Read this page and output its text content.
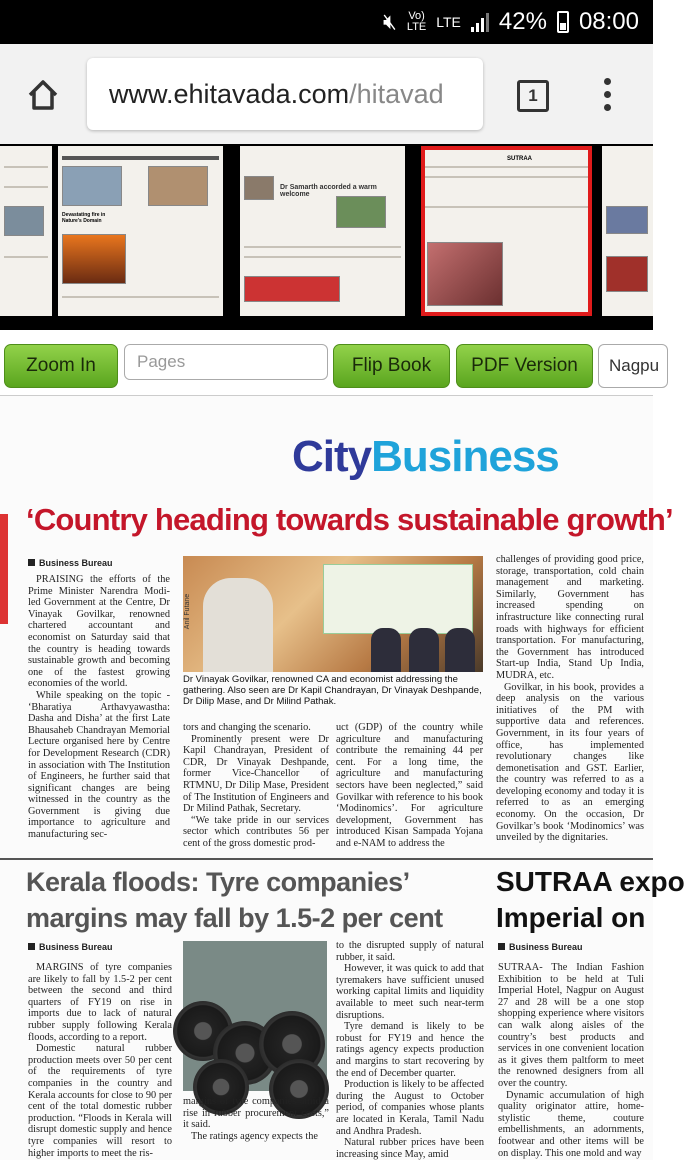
🔇︎ Vo)
LTE LTE 42% 08:00
www.ehitavada.com /hitavad	1
Devastating fire in Nature's Domain
Dr Samarth accorded a warm welcome
SUTRAA
Zoom In	Pages	Flip Book	PDF Version	Nagpu
CityBusiness
‘Country heading towards sustainable growth’
Business Bureau

PRAISING the efforts of the Prime Minister Narendra Modi-led Government at the Centre, Dr Vinayak Govilkar, renowned chartered accountant and economist on Saturday said that the country is heading towards sustainable growth and becoming one of the fastest growing economies of the world.

While speaking on the topic - ‘Bharatiya Arthavyawastha: Dasha and Disha’ at the first Late Bhausaheb Chandrayan Memorial Lecture organised here by Centre for Development Research (CDR) in association with The Institution of Engineers, he further said that significant changes are being witnessed in the country as the Government is giving due importance to agriculture and manufacturing sec-

Anil Futane
Dr Vinayak Govilkar, renowned CA and economist addressing the gathering. Also seen are Dr Kapil Chandrayan, Dr Vinayak Deshpande, Dr Dilip Mase, and Dr Milind Pathak.

tors and changing the scenario.

Prominently present were Dr Kapil Chandrayan, President of CDR, Dr Vinayak Deshpande, former Vice-Chancellor of RTMNU, Dr Dilip Mase, President of The Institution of Engineers and Dr Milind Pathak, Secretary.

“We take pride in our services sector which contributes 56 per cent of the gross domestic prod-

uct (GDP) of the country while agriculture and manufacturing contribute the remaining 44 per cent. For a long time, the agriculture and manufacturing sectors have been neglected,” said Govilkar with reference to his book ‘Modinomics’. For agriculture development, Government has introduced Kisan Sampada Yojana and e-NAM to address the

challenges of providing good price, storage, transportation, cold chain management and marketing. Similarly, Government has increased spending on infrastructure like connecting rural roads with highways for efficient transportation. For manufacturing, the Government has introduced Start-up India, Stand Up India, MUDRA, etc.

Govilkar, in his book, provides a deep analysis on the various initiatives of the PM with supportive data and references. Government, in its four years of office, has implemented revolutionary changes like demonetisation and GST. Earlier, the country was referred to as a developing economy and today it is referred to as an emerging economy. On the occasion, Dr Govilkar’s book ‘Modinomics’ was unveiled by the dignitaries.

Kerala floods: Tyre companies’ margins may fall by 1.5-2 per cent
Business Bureau

MARGINS of tyre companies are likely to fall by 1.5-2 per cent between the second and third quarters of FY19 on rise in imports due to lack of natural rubber supply following Kerala floods, according to a report.

Domestic natural rubber production meets over 50 per cent of the requirements of tyre companies in the country and Kerala accounts for close to 90 per cent of the total domestic rubber production. “Floods in Kerala will disrupt domestic supply and hence tyre companies will resort to higher imports to meet the ris-

margins of tyre companies amid a rise in rubber procurement costs,” it said.

The ratings agency expects the

to the disrupted supply of natural rubber, it said.

However, it was quick to add that tyremakers have sufficient unused working capital limits and liquidity available to meet such near-term disruptions.

Tyre demand is likely to be robust for FY19 and hence the ratings agency expects production and margins to start recovering by the end of December quarter.

Production is likely to be affected during the August to October period, of companies whose plants are located in Kerala, Tamil Nadu and Andhra Pradesh.

Natural rubber prices have been increasing since May, amid

SUTRAA expo
Imperial on
Business Bureau

SUTRAA- The Indian Fashion Exhibition to be held at Tuli Imperial Hotel, Nagpur on August 27 and 28 will be a one stop shopping experience where visitors can walk along aisles of the country’s best products and services in one convenient location as it gives them paltform to meet the renowned designers from all over the country.

Dynamic accumulation of high quality originator attire, home-stylistic theme, couture embellishments, an adornments, footwear and other items will be on display. This one mold and way
